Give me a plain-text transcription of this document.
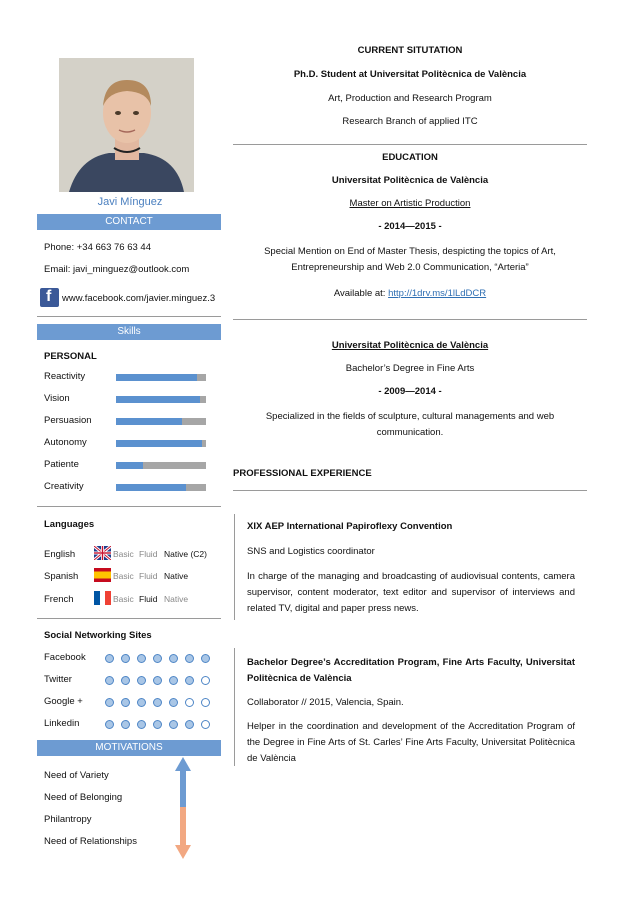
Javi Mínguez
CONTACT
Phone: +34 663 76 63 44
Email: javi_minguez@outlook.com
f www.facebook.com/javier.minguez.3
Skills
PERSONAL
Reactivity
Vision
Persuasion
Autonomy
Patiente
Creativity
Languages
English	Basic Fluid Native (C2)
Spanish	Basic Fluid Native
French	Basic Fluid Native
Social Networking Sites
Facebook
Twitter
Google +
Linkedin
MOTIVATIONS
Need of Variety
Need of Belonging
Philantropy
Need of Relationships
CURRENT SITUTATION
Ph.D. Student at Universitat Politècnica de València
Art, Production and Research Program
Research Branch of applied ITC
EDUCATION
Universitat Politècnica de València
Master on Artistic Production
- 2014—2015 -
Special Mention on End of Master Thesis, despicting the topics of Art, Entrepreneurship and Web 2.0 Communication, “Arteria”
Available at: http://1drv.ms/1lLdDCR
Universitat Politècnica de València
Bachelor’s Degree in Fine Arts
- 2009—2014 -
Specialized in the fields of sculpture, cultural managements and web communication.
PROFESSIONAL EXPERIENCE
XIX AEP International Papiroflexy Convention
SNS and Logistics coordinator
In charge of the managing and broadcasting of audiovisual contents, camera supervisor, content moderator, text editor and supervisor of interviews and related TV, digital and paper press news.
Bachelor Degree’s Accreditation Program, Fine Arts Faculty, Universitat Politècnica de València
Collaborator // 2015, Valencia, Spain.
Helper in the coordination and development of the Accreditation Program of the Degree in Fine Arts of St. Carles’ Fine Arts Faculty, Universitat Politècnica de València
